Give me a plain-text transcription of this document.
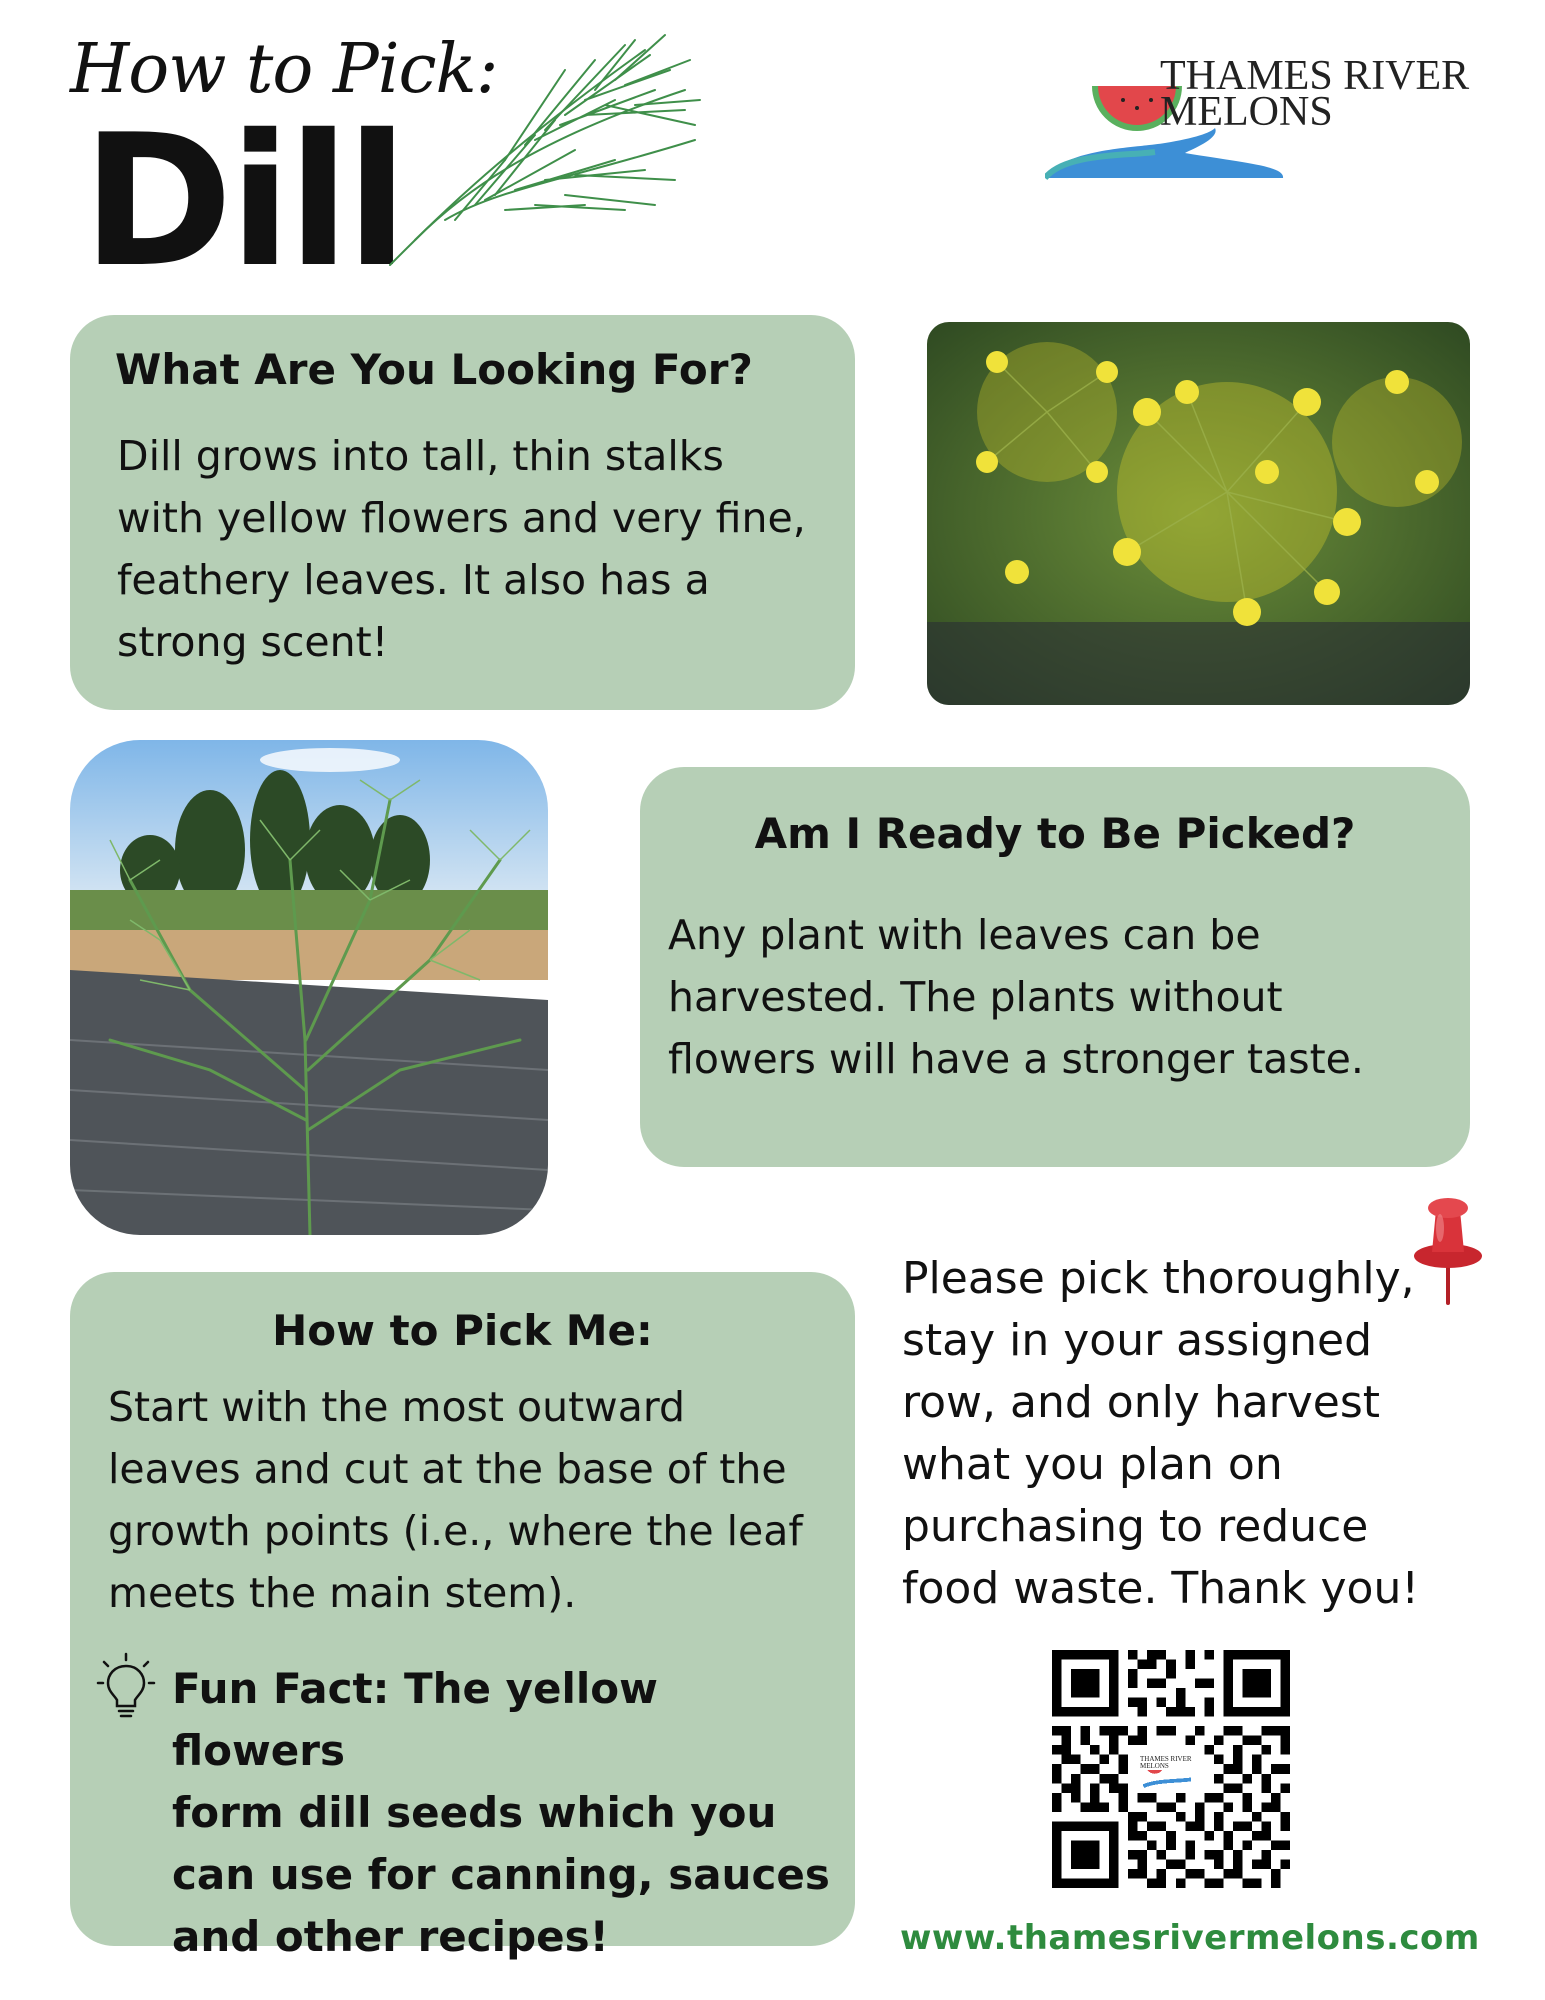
How to Pick:
Dill
THAMES RIVER
MELONS
What Are You Looking For?
Dill grows into tall, thin stalks
with yellow flowers and very fine,
feathery leaves. It also has a
strong scent!
Am I Ready to Be Picked?
Any plant with leaves can be
harvested. The plants without
flowers will have a stronger taste.
How to Pick Me:
Start with the most outward
leaves and cut at the base of the
growth points (i.e., where the leaf
meets the main stem).
Fun Fact: The yellow flowers
form dill seeds which you
can use for canning, sauces
and other recipes!
Please pick thoroughly,
stay in your assigned
row, and only harvest
what you plan on
purchasing to reduce
food waste. Thank you!
THAMES RIVER MELONS
www.thamesrivermelons.com
